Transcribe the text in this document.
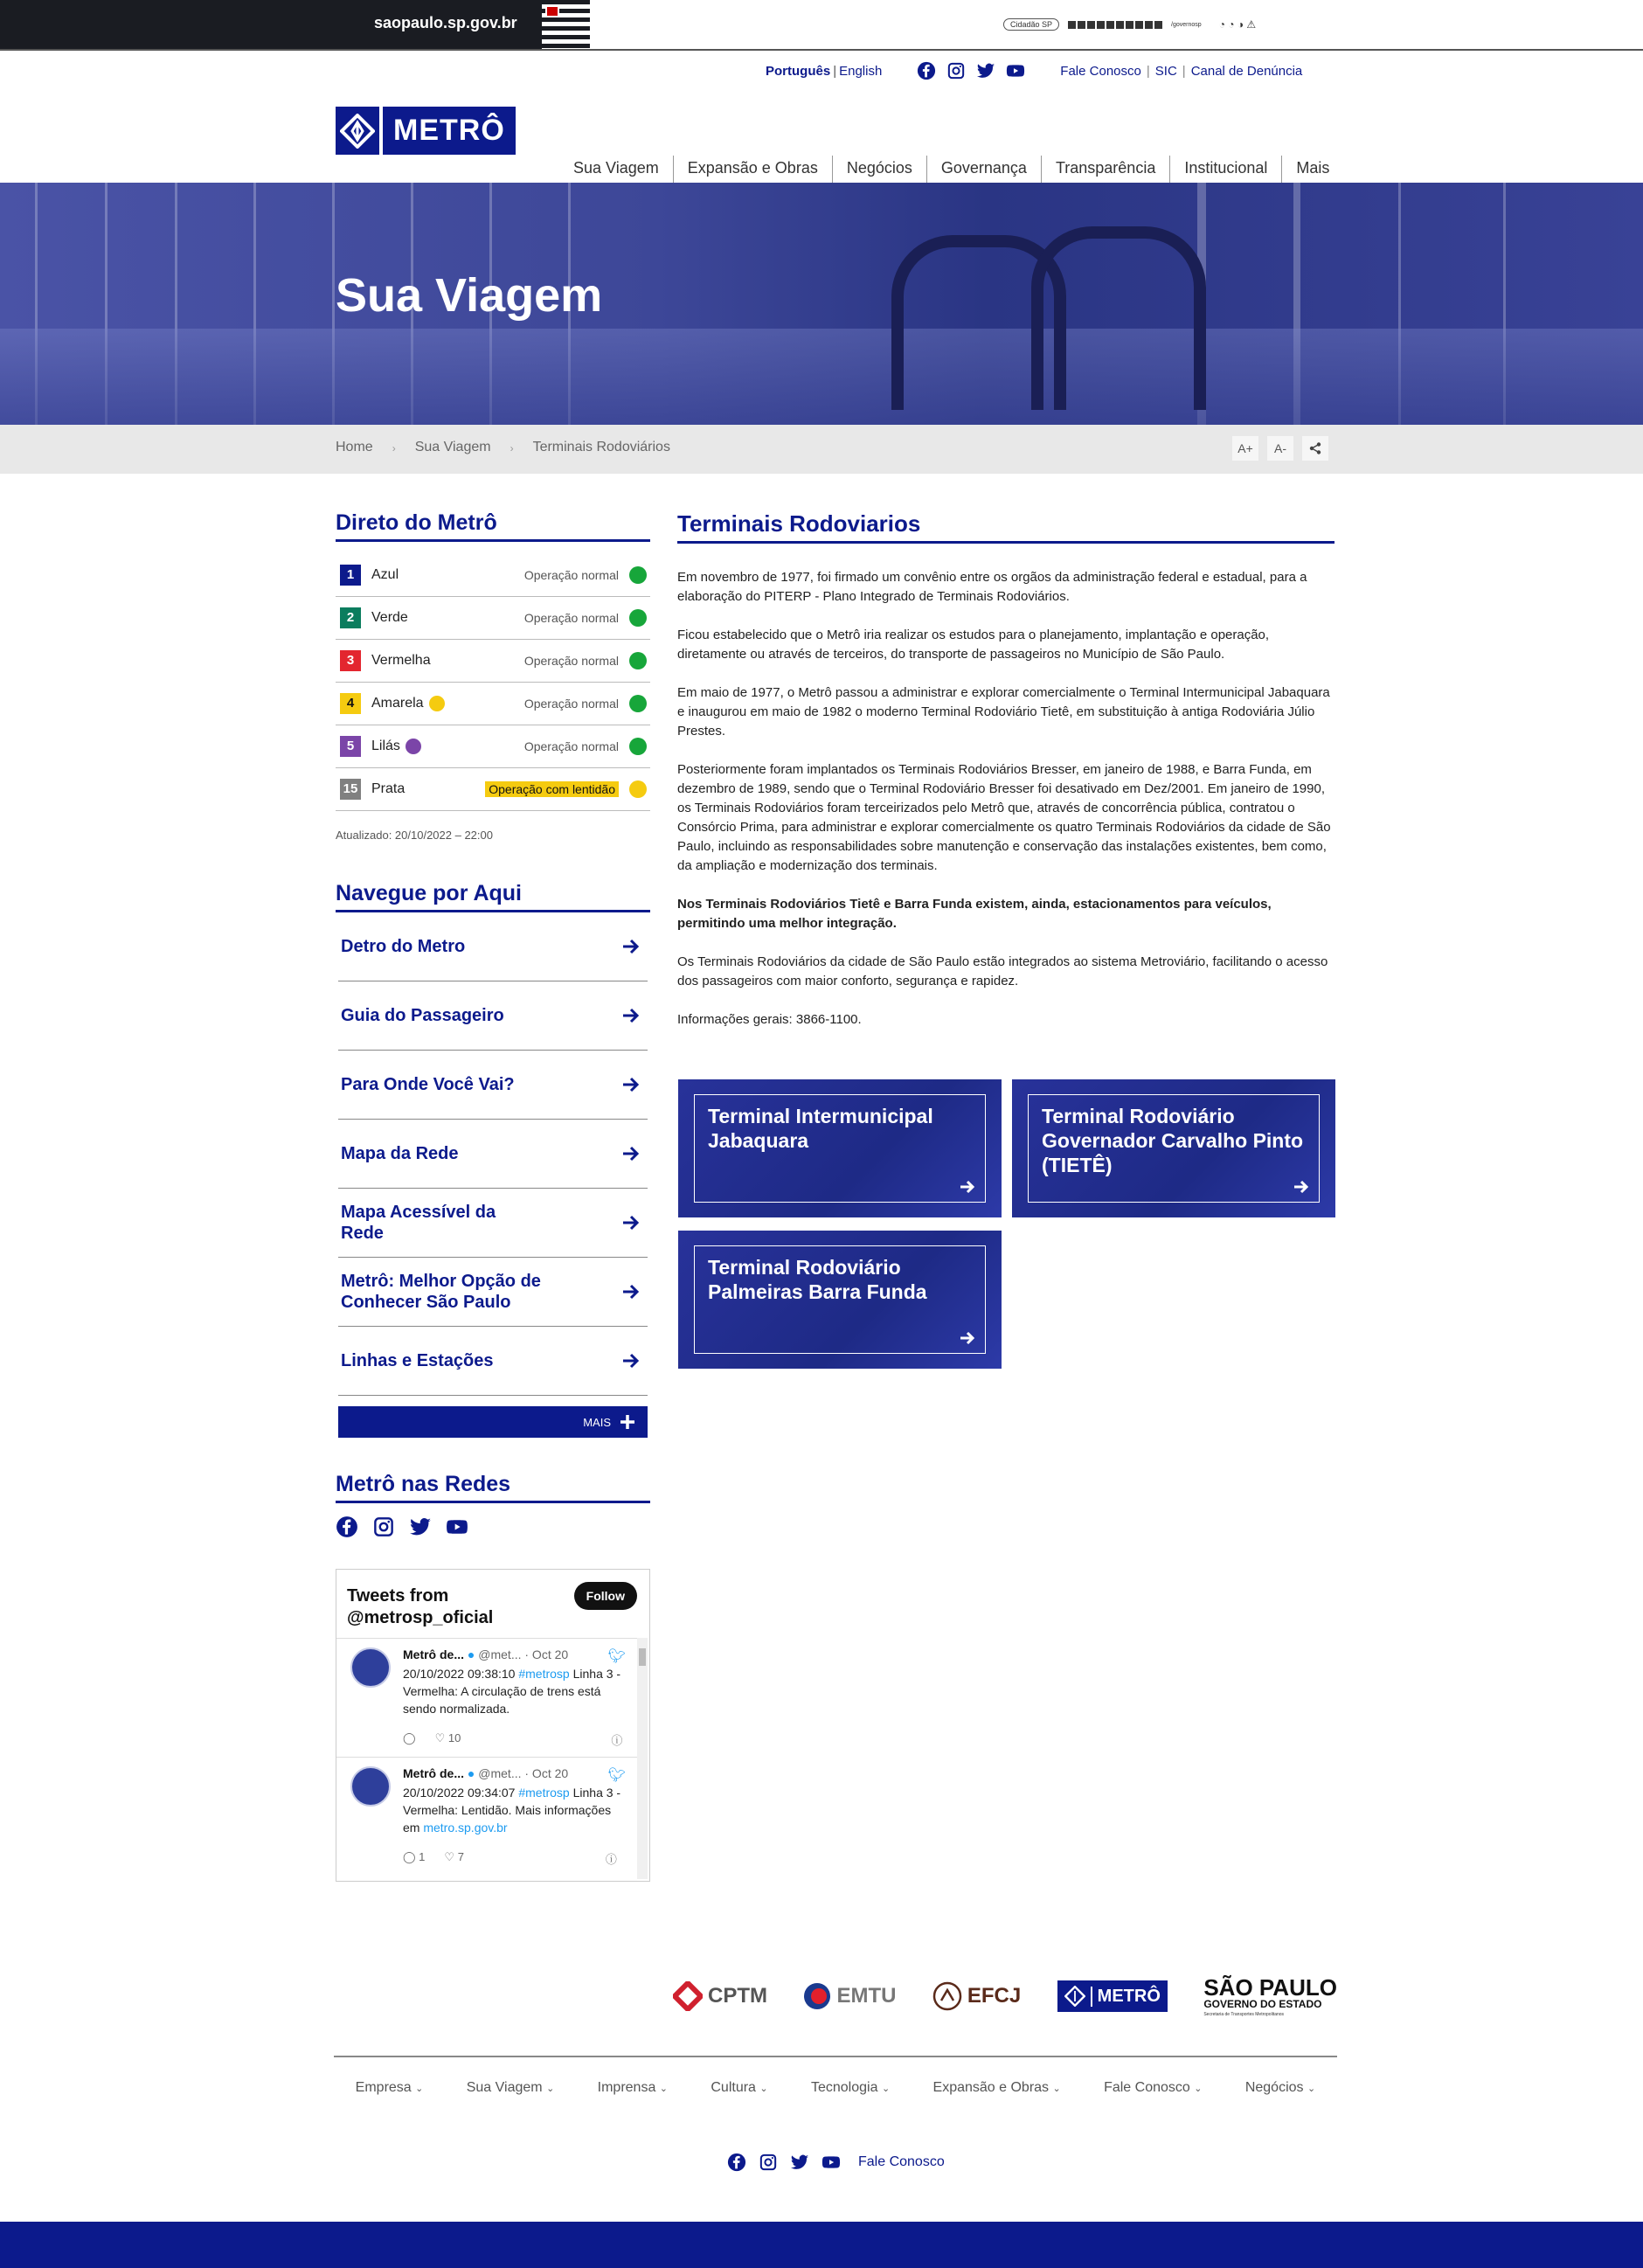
saopaulo.sp.gov.br	Cidadão SP	/governosp ◔ ◔ ◑ ⚠
Português | English	Fale Conosco | SIC | Canal de Denúncia
METRÔ
Sua Viagem	Expansão e Obras	Negócios	Governança	Transparência	Institucional	Mais
Sua Viagem
Home › Sua Viagem › Terminais Rodoviários	A+	A-
Direto do Metrô
1	Azul	Operação normal
2	Verde	Operação normal
3	Vermelha	Operação normal
4	Amarela	Operação normal
5	Lilás	Operação normal
15 Prata	Operação com lentidão
Atualizado: 20/10/2022 – 22:00
Navegue por Aqui
Detro do Metro
Guia do Passageiro
Para Onde Você Vai?
Mapa da Rede
Mapa Acessível da Rede
Metrô: Melhor Opção de Conhecer São Paulo
Linhas e Estações
MAIS
Metrô nas Redes
Tweets from @metrosp_oficial
Follow
Metrô de... ● @met... · Oct 20	🐦︎
20/10/2022 09:38:10 #metrosp Linha 3 - Vermelha: A circulação de trens está sendo normalizada.
◯ ♡ 10	ⓘ
Metrô de... ● @met... · Oct 20	🐦︎
20/10/2022 09:34:07 #metrosp Linha 3 - Vermelha: Lentidão. Mais informações em metro.sp.gov.br
◯ 1 ♡ 7	ⓘ
Terminais Rodoviarios

Em novembro de 1977, foi firmado um convênio entre os orgãos da administração federal e estadual, para a elaboração do PITERP - Plano Integrado de Terminais Rodoviários.

Ficou estabelecido que o Metrô iria realizar os estudos para o planejamento, implantação e operação, diretamente ou através de terceiros, do transporte de passageiros no Município de São Paulo.

Em maio de 1977, o Metrô passou a administrar e explorar comercialmente o Terminal Intermunicipal Jabaquara e inaugurou em maio de 1982 o moderno Terminal Rodoviário Tietê, em substituição à antiga Rodoviária Júlio Prestes.

Posteriormente foram implantados os Terminais Rodoviários Bresser, em janeiro de 1988, e Barra Funda, em dezembro de 1989, sendo que o Terminal Rodoviário Bresser foi desativado em Dez/2001. Em janeiro de 1990, os Terminais Rodoviários foram terceirizados pelo Metrô que, através de concorrência pública, contratou o Consórcio Prima, para administrar e explorar comercialmente os quatro Terminais Rodoviários da cidade de São Paulo, incluindo as responsabilidades sobre manutenção e conservação das instalações existentes, bem como, da ampliação e modernização dos terminais.

Nos Terminais Rodoviários Tietê e Barra Funda existem, ainda, estacionamentos para veículos, permitindo uma melhor integração.

Os Terminais Rodoviários da cidade de São Paulo estão integrados ao sistema Metroviário, facilitando o acesso dos passageiros com maior conforto, segurança e rapidez.

Informações gerais: 3866-1100.

Terminal Intermunicipal Jabaquara
Terminal Rodoviário Governador Carvalho Pinto (TIETÊ)
Terminal Rodoviário Palmeiras Barra Funda
CPTM	EMTU	EFCJ	METRÔ SÃO PAULO
GOVERNO DO ESTADO
Secretaria de Transportes Metropolitanos
Empresa ⌄	Sua Viagem ⌄	Imprensa ⌄	Cultura ⌄	Tecnologia ⌄	Expansão e Obras ⌄	Fale Conosco ⌄	Negócios ⌄
Fale Conosco
